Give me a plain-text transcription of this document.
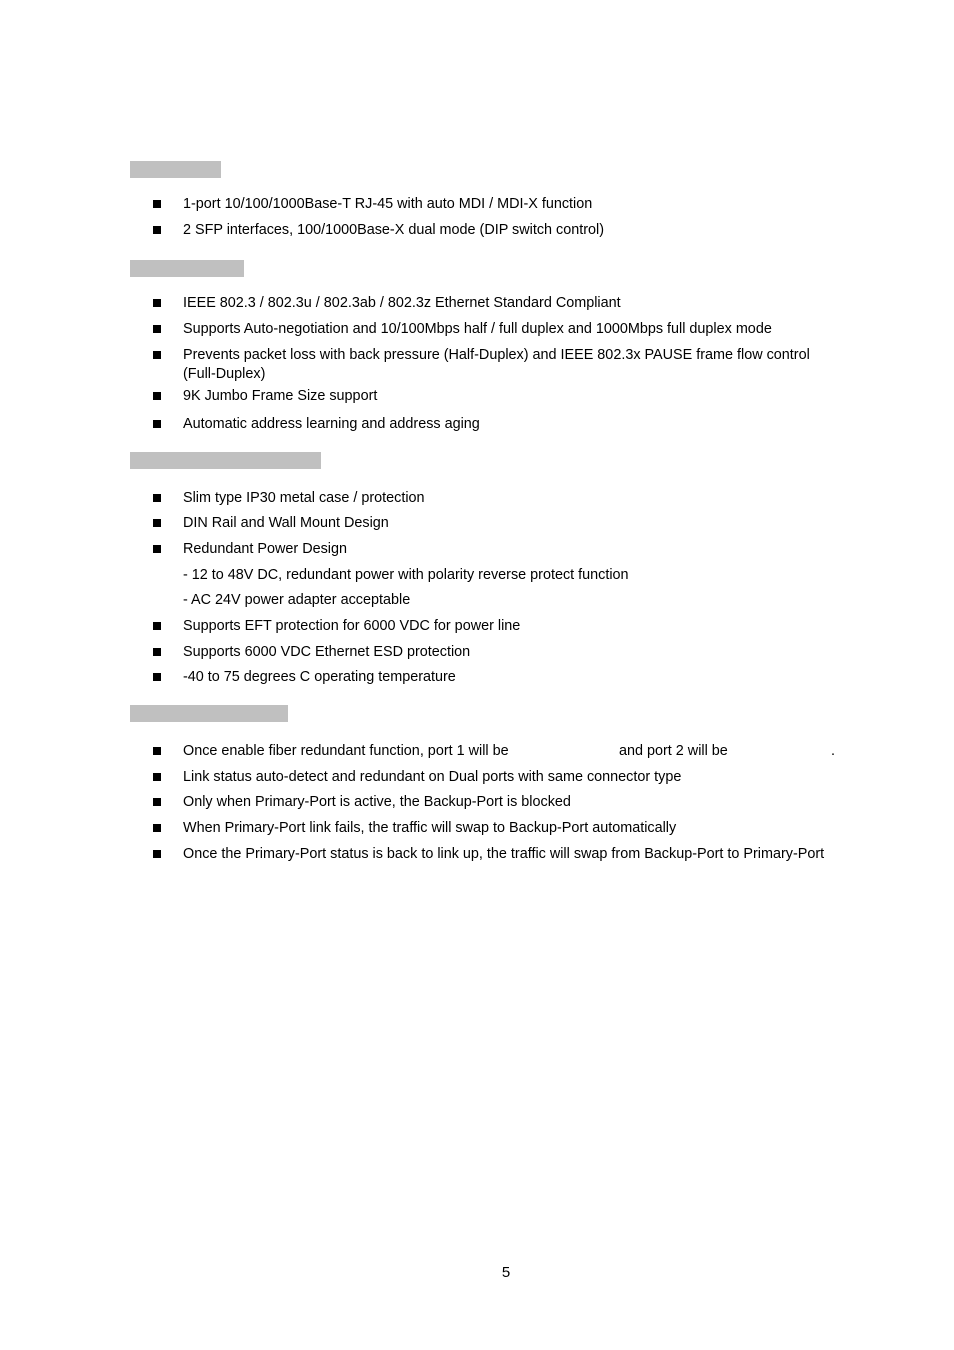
1-port 10/100/1000Base-T RJ-45 with auto MDI / MDI-X function
2 SFP interfaces, 100/1000Base-X dual mode (DIP switch control)
IEEE 802.3 / 802.3u / 802.3ab / 802.3z Ethernet Standard Compliant
Supports Auto-negotiation and 10/100Mbps half / full duplex and 1000Mbps full duplex mode
Prevents packet loss with back pressure (Half-Duplex) and IEEE 802.3x PAUSE frame flow control (Full-Duplex)
9K Jumbo Frame Size support
Automatic address learning and address aging
Slim type IP30 metal case / protection
DIN Rail and Wall Mount Design
Redundant Power Design
- 12 to 48V DC, redundant power with polarity reverse protect function
- AC 24V power adapter acceptable
Supports EFT protection for 6000 VDC for power line
Supports 6000 VDC Ethernet ESD protection
-40 to 75 degrees C operating temperature
Once enable fiber redundant function, port 1 will be	and port 2 will be	.
Link status auto-detect and redundant on Dual ports with same connector type
Only when Primary-Port is active, the Backup-Port is blocked
When Primary-Port link fails, the traffic will swap to Backup-Port automatically
Once the Primary-Port status is back to link up, the traffic will swap from Backup-Port to Primary-Port
5
